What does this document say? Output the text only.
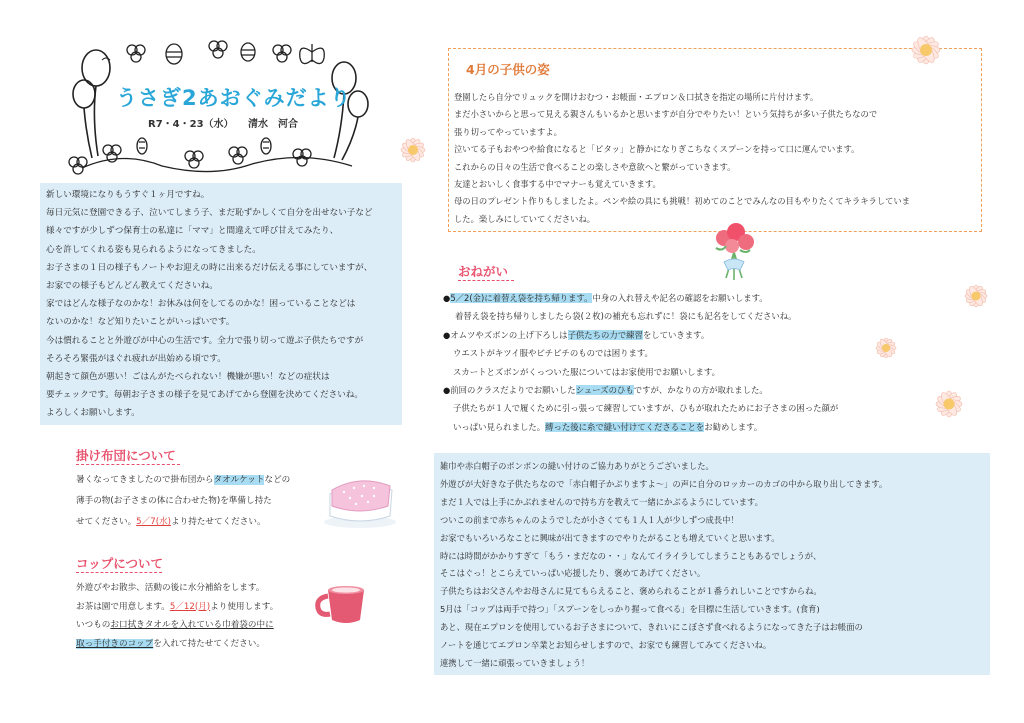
うさぎ2あおぐみだより
R7・4・23（水） 清水　河合
新しい環境になりもうすぐ１ヶ月ですね。
毎日元気に登園できる子、泣いてしまう子、まだ恥ずかしくて自分を出せない子など
様々ですが少しずつ保育士の私達に「ママ」と間違えて呼び甘えてみたり、
心を許してくれる姿も見られるようになってきました。
お子さまの１日の様子もノートやお迎えの時に出来るだけ伝える事にしていますが、
お家での様子もどんどん教えてくださいね。
家ではどんな様子なのかな！お休みは何をしてるのかな！困っていることなどは
ないのかな！など知りたいことがいっぱいです。
今は慣れることと外遊びが中心の生活です。全力で張り切って遊ぶ子供たちですが
そろそろ緊張がほぐれ疲れが出始める頃です。
朝起きて顔色が悪い！ごはんがたべられない！機嫌が悪い！などの症状は
要チェックです。毎朝お子さまの様子を見てあげてから登園を決めてくださいね。
よろしくお願いします。
掛け布団について
暑くなってきましたので掛布団からタオルケットなどの
薄手の物(お子さまの体に合わせた物)を準備し持た
せてください。5／7(水)より持たせてください。
コップについて
外遊びやお散歩、活動の後に水分補給をします。
お茶は園で用意します。5／12(月)より使用します。
いつものお口拭きタオルを入れている巾着袋の中に
取っ手付きのコップを入れて持たせてください。
4月の子供の姿
登園したら自分でリュックを開けおむつ・お帳面・エプロン＆口拭きを指定の場所に片付けます。
まだ小さいからと思って見える親さんもいるかと思いますが自分でやりたい！という気持ちが多い子供たちなので
張り切ってやっていますよ。
泣いてる子もおやつや給食になると「ピタッ」と静かになりぎこちなくスプーンを持って口に運んでいます。
これからの日々の生活で食べることの楽しさや意欲へと繋がっていきます。
友達とおいしく食事する中でマナーも覚えていきます。
母の日のプレゼント作りもしましたよ。ペンや絵の具にも挑戦！初めてのことでみんなの目もやりたくてキラキラしていま
した。楽しみにしていてくださいね。
おねがい
●5／2(金)に着替え袋を持ち帰ります。中身の入れ替えや記名の確認をお願いします。
着替え袋を持ち帰りしましたら袋(２枚)の補充も忘れずに！袋にも記名をしてくださいね。
●オムツやズボンの上げ下ろしは子供たちの力で練習をしていきます。
ウエストがキツイ服やピチピチのものでは困ります。
スカートとズボンがくっついた服についてはお家使用でお願いします。
●前回のクラスだよりでお願いしたシューズのひもですが、かなりの方が取れました。
子供たちが１人で履くために引っ張って練習していますが、ひもが取れたためにお子さまの困った顔が
いっぱい見られました。縛った後に糸で縫い付けてくださることをお勧めします。
雑巾や赤白帽子のポンポンの縫い付けのご協力ありがとうございました。
外遊びが大好きな子供たちなので「赤白帽子かぶりますよ～」の声に自分のロッカーのカゴの中から取り出してきます。
まだ１人では上手にかぶれませんので持ち方を教えて一緒にかぶるようにしています。
ついこの前まで赤ちゃんのようでしたが小さくても１人１人が少しずつ成長中！
お家でもいろいろなことに興味が出てきますのでやりたがることも増えていくと思います。
時には時間がかかりすぎて「もう・まだなの・・」なんてイライラしてしまうこともあるでしょうが、
そこはぐっ！とこらえていっぱい応援したり、褒めてあげてください。
子供たちはお父さんやお母さんに見てもらえること、褒められることが１番うれしいことですからね。
5月は「コップは両手で持つ」「スプーンをしっかり握って食べる」を目標に生活していきます。(食育)
あと、現在エプロンを使用しているお子さまについて、きれいにこぼさず食べれるようになってきた子はお帳面の
ノートを通じてエプロン卒業とお知らせしますので、お家でも練習してみてくださいね。
連携して一緒に頑張っていきましょう！
